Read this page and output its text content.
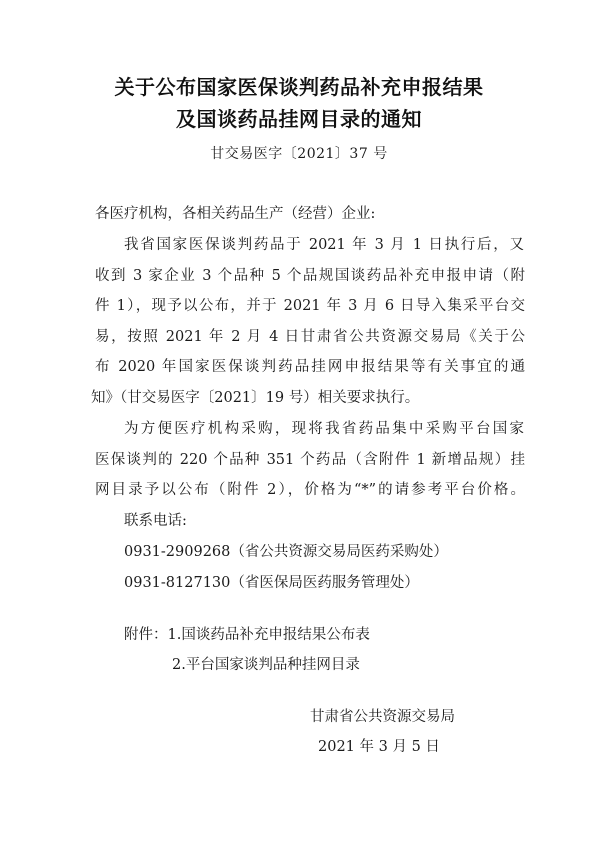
关于公布国家医保谈判药品补充申报结果
及国谈药品挂网目录的通知
甘交易医字〔2021〕37 号
各医疗机构，各相关药品生产（经营）企业:
我省国家医保谈判药品于 2021 年 3 月 1 日执行后，又
收到 3 家企业 3 个品种 5 个品规国谈药品补充申报申请（附
件 1），现予以公布，并于 2021 年 3 月 6 日导入集采平台交
易，按照 2021 年 2 月 4 日甘肃省公共资源交易局《关于公
布 2020 年国家医保谈判药品挂网申报结果等有关事宜的通
知》（甘交易医字〔2021〕19 号）相关要求执行。
为方便医疗机构采购，现将我省药品集中采购平台国家
医保谈判的 220 个品种 351 个药品（含附件 1 新增品规）挂
网目录予以公布（附件 2），价格为“*”的请参考平台价格。
联系电话:
0931-2909268（省公共资源交易局医药采购处）
0931-8127130（省医保局医药服务管理处）
附件：1.国谈药品补充申报结果公布表
2.平台国家谈判品种挂网目录
甘肃省公共资源交易局
2021 年 3 月 5 日
